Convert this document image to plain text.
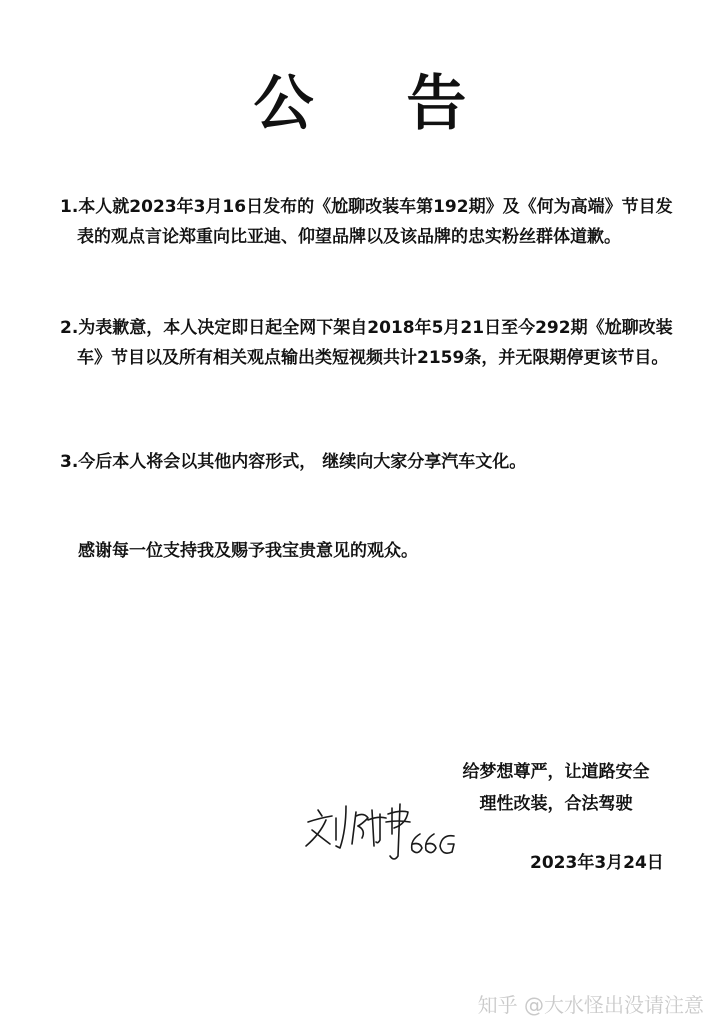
公 告
1.本人就2023年3月16日发布的《尬聊改装车第192期》及《何为高端》节目发
表的观点言论郑重向比亚迪、仰望品牌以及该品牌的忠实粉丝群体道歉。
2.为表歉意，本人决定即日起全网下架自2018年5月21日至今292期《尬聊改装
车》节目以及所有相关观点输出类短视频共计2159条，并无限期停更该节目。
3.今后本人将会以其他内容形式， 继续向大家分享汽车文化。
感谢每一位支持我及赐予我宝贵意见的观众。
给梦想尊严，让道路安全
理性改装，合法驾驶
2023年3月24日
知乎 @大水怪出没请注意
